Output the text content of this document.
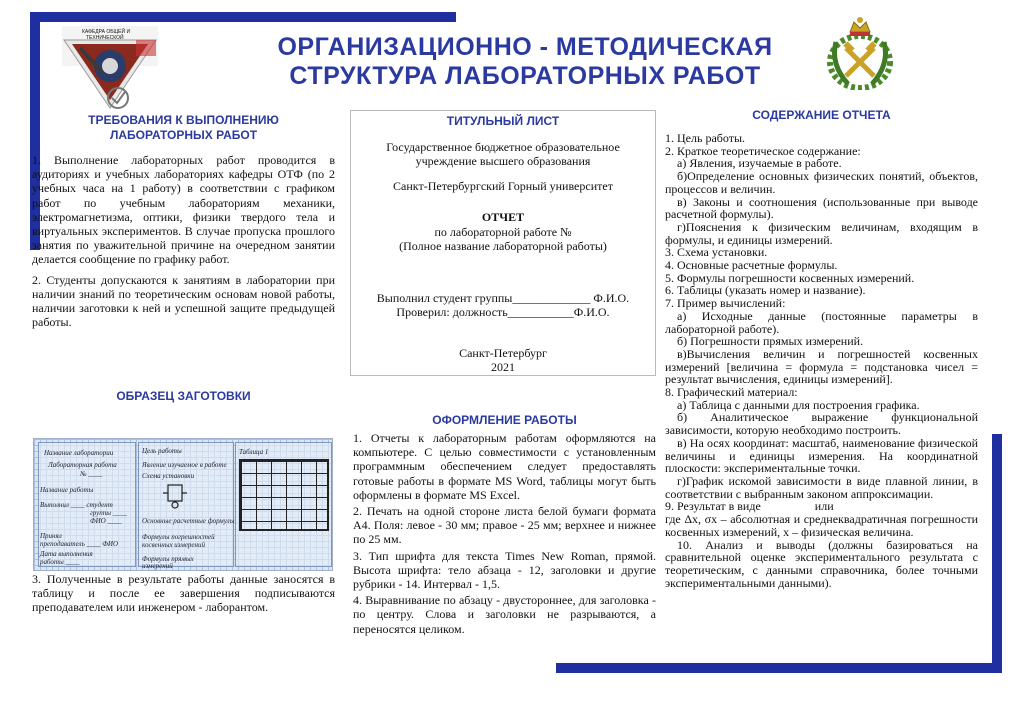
КАФЕДРА ОБЩЕЙ И
ТЕХНИЧЕСКОЙ	ОРГАНИЗАЦИОННО - МЕТОДИЧЕСКАЯ
СТРУКТУРА ЛАБОРАТОРНЫХ РАБОТ
ТРЕБОВАНИЯ К ВЫПОЛНЕНИЮ
ЛАБОРАТОРНЫХ РАБОТ

1. Выполнение лабораторных работ проводится в аудиториях и учебных лабораториях кафедры ОТФ (по 2 учебных часа на 1 работу) в соответствии с графиком работ по учебным лабораториям механики, электромагнетизма, оптики, физики твердого тела и виртуальных экспериментов. В случае пропуска прошлого занятия по уважительной причине на очередном занятии делается сообщение по графику работ.

2. Студенты допускаются к занятиям в лаборатории при наличии знаний по теоретическим основам новой работы, наличии заготовки к ней и успешной защите предыдущей работы.

ОБРАЗЕЦ ЗАГОТОВКИ
Название лаборатории
Лабораторная работа
№ ____
Название работы
Выполнил ____ студент
группы ____
ФИО ____
Принял
преподаватель ____ ФИО
Дата выполнения
работы ____
Цель работы
Явление изучаемое в работе
Схема установки
Основные расчетные формулы
Формулы погрешностей
косвенных измерений
Формулы прямых
измерений
Таблица 1

3. Полученные в результате работы данные заносятся в таблицу и после ее завершения подписываются преподавателем или инженером - лаборантом.

ТИТУЛЬНЫЙ ЛИСТ
Государственное бюджетное образовательное
учреждение высшего образования
Санкт-Петербургский Горный университет
ОТЧЕТ
по лабораторной работе №
(Полное название лабораторной работы)
Выполнил студент группы_____________ Ф.И.О.
Проверил: должность___________Ф.И.О.
Санкт-Петербург
2021
ОФОРМЛЕНИЕ РАБОТЫ

1. Отчеты к лабораторным работам оформляются на компьютере. С целью совместимости с установленным программным обеспечением следует предоставлять готовые работы в формате MS Word, таблицы могут быть оформлены в формате MS Excel.

2. Печать на одной стороне листа белой бумаги формата А4. Поля: левое - 30 мм; правое - 25 мм; верхнее и нижнее по 25 мм.

3. Тип шрифта для текста Times New Roman, прямой. Высота шрифта: тело абзаца - 12, заголовки и другие рубрики - 14. Интервал - 1,5.

4. Выравнивание по абзацу - двустороннее, для заголовка - по центру. Слова и заголовки не разрываются, а переносятся целиком.

СОДЕРЖАНИЕ ОТЧЕТА
1. Цель работы.
2. Краткое теоретическое содержание:
а) Явления, изучаемые в работе.
б)Определение основных физических понятий, объектов, процессов и величин.
в) Законы и соотношения (использованные при выводе расчетной формулы).
г)Пояснения к физическим величинам, входящим в формулы, и единицы измерений.
3. Схема установки.
4. Основные расчетные формулы.
5. Формулы погрешности косвенных измерений.
6. Таблицы (указать номер и название).
7. Пример вычислений:
а) Исходные данные (постоянные параметры в лабораторной работе).
б) Погрешности прямых измерений.
в)Вычисления величин и погрешностей косвенных измерений [величина = формула = подстановка чисел = результат вычисления, единицы измерений].
8. Графический материал:
а) Таблица с данными для построения графика.
б) Аналитическое выражение функциональной зависимости, которую необходимо построить.
в) На осях координат: масштаб, наименование физической величины и единицы измерения. На координатной плоскости: экспериментальные точки.
г)График искомой зависимости в виде плавной линии, в соответствии с выбранным законом аппроксимации.
9. Результат в виде                  или
где Δx, σx – абсолютная и среднеквадратичная погрешности косвенных измерений, x – физическая величина.
10. Анализ и выводы (должны базироваться на сравнительной оценке экспериментального результата с теоретическим, с данными справочника, более точными экспериментальными данными).
